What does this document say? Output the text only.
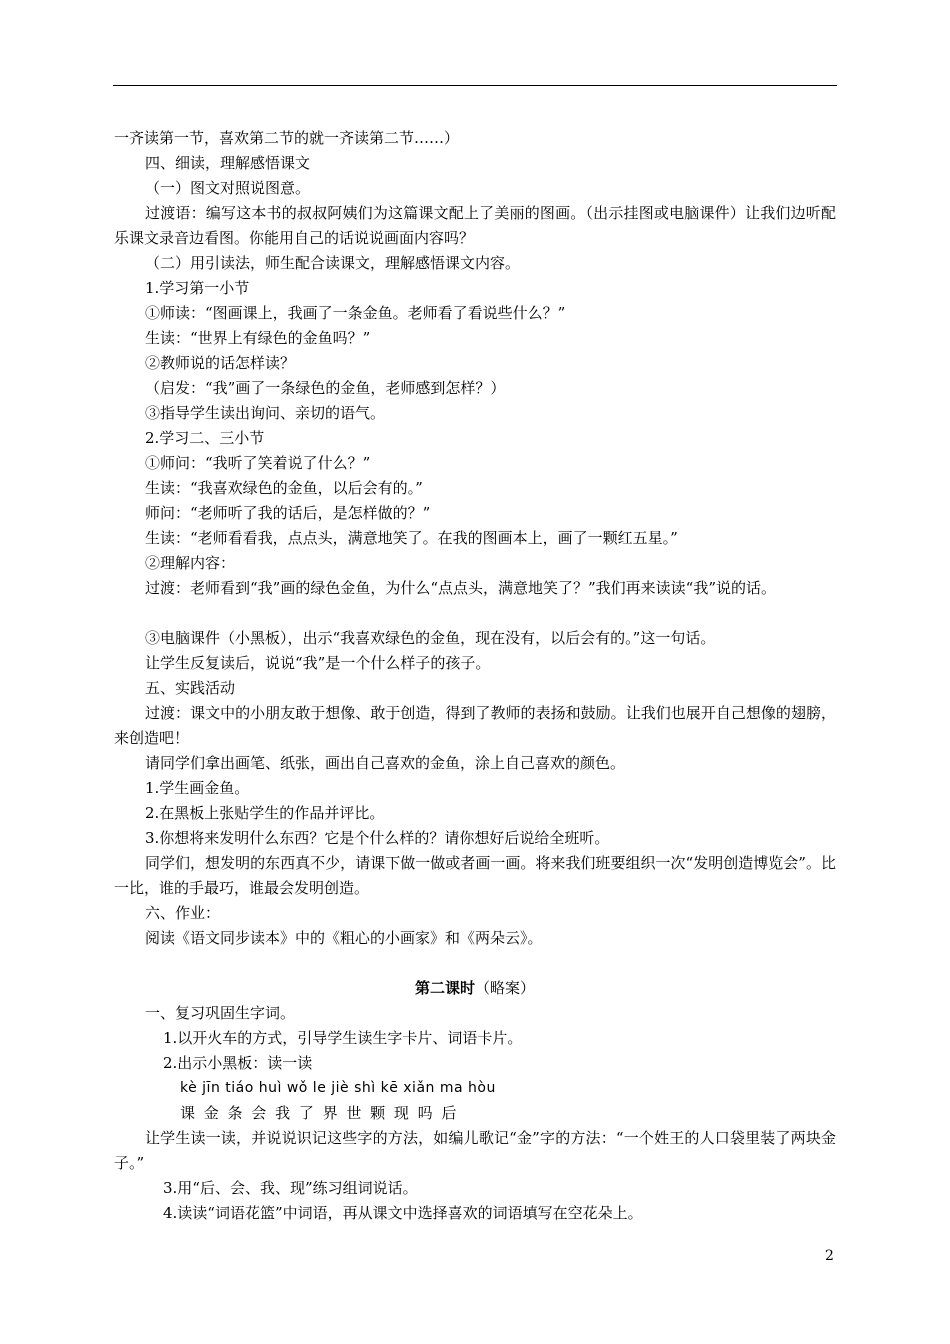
一齐读第一节，喜欢第二节的就一齐读第二节……）
四、细读，理解感悟课文
（一）图文对照说图意。
过渡语：编写这本书的叔叔阿姨们为这篇课文配上了美丽的图画。（出示挂图或电脑课件）让我们边听配乐课文录音边看图。你能用自己的话说说画面内容吗？
（二）用引读法，师生配合读课文，理解感悟课文内容。
1.学习第一小节
①师读：“图画课上，我画了一条金鱼。老师看了看说些什么？”
生读：“世界上有绿色的金鱼吗？”
②教师说的话怎样读？
（启发：“我”画了一条绿色的金鱼，老师感到怎样？）
③指导学生读出询问、亲切的语气。
2.学习二、三小节
①师问：“我听了笑着说了什么？”
生读：“我喜欢绿色的金鱼，以后会有的。”
师问：“老师听了我的话后，是怎样做的？”
生读：“老师看看我，点点头，满意地笑了。在我的图画本上，画了一颗红五星。”
②理解内容：
过渡：老师看到“我”画的绿色金鱼，为什么“点点头，满意地笑了？”我们再来读读“我”说的话。
③电脑课件（小黑板），出示“我喜欢绿色的金鱼，现在没有，以后会有的。”这一句话。
让学生反复读后，说说“我”是一个什么样子的孩子。
五、实践活动
过渡：课文中的小朋友敢于想像、敢于创造，得到了教师的表扬和鼓励。让我们也展开自己想像的翅膀，来创造吧！
请同学们拿出画笔、纸张，画出自己喜欢的金鱼，涂上自己喜欢的颜色。
1.学生画金鱼。
2.在黑板上张贴学生的作品并评比。
3.你想将来发明什么东西？它是个什么样的？请你想好后说给全班听。
同学们，想发明的东西真不少，请课下做一做或者画一画。将来我们班要组织一次“发明创造博览会”。比一比，谁的手最巧，谁最会发明创造。
六、作业：
阅读《语文同步读本》中的《粗心的小画家》和《两朵云》。
第二课时（略案）
一、复习巩固生字词。
1.以开火车的方式，引导学生读生字卡片、词语卡片。
2.出示小黑板：读一读
kè jīn tiáo huì wǒ le jiè shì kē xiǎn ma hòu
课 金 条 会 我 了 界 世 颗 现 吗 后
让学生读一读，并说说识记这些字的方法，如编儿歌记“金”字的方法：“一个姓王的人口袋里装了两块金子。”
3.用“后、会、我、现”练习组词说话。
4.读读“词语花篮”中词语，再从课文中选择喜欢的词语填写在空花朵上。
2
